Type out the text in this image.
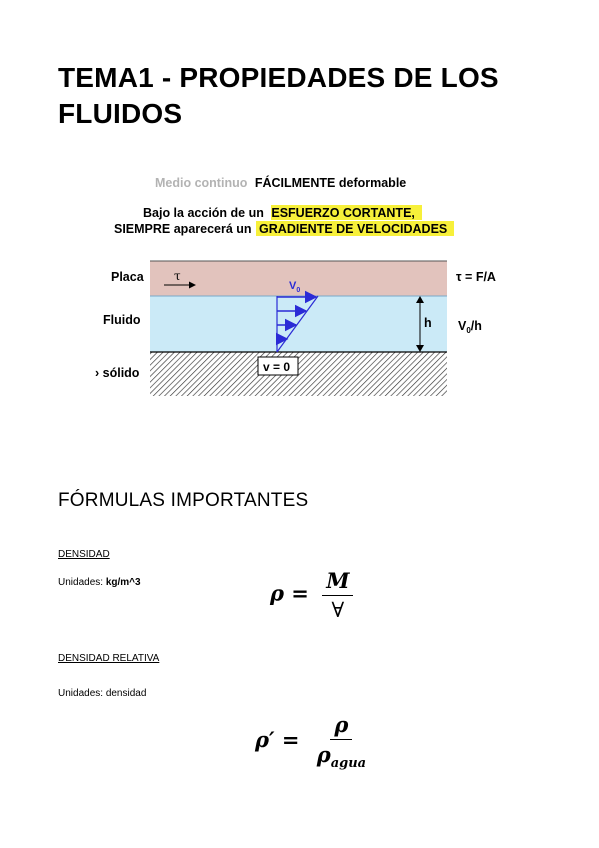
TEMA1 - PROPIEDADES DE LOS
FLUIDOS
Medio continuo FÁCILMENTE deformable
Bajo la acción de un ESFUERZO CORTANTE,
SIEMPRE aparecerá un GRADIENTE DE VELOCIDADES
Placa
Fluido
› sólido
τ	τ = F/A
$V_0$
h $V_0/h$
v = 0
FÓRMULAS IMPORTANTES
DENSIDAD
Unidades: kg/m^3	$\rho = \frac{M}{\forall}$
DENSIDAD RELATIVA
Unidades: densidad
$\rho' = \frac{\rho}{\rho_{agua}}$
